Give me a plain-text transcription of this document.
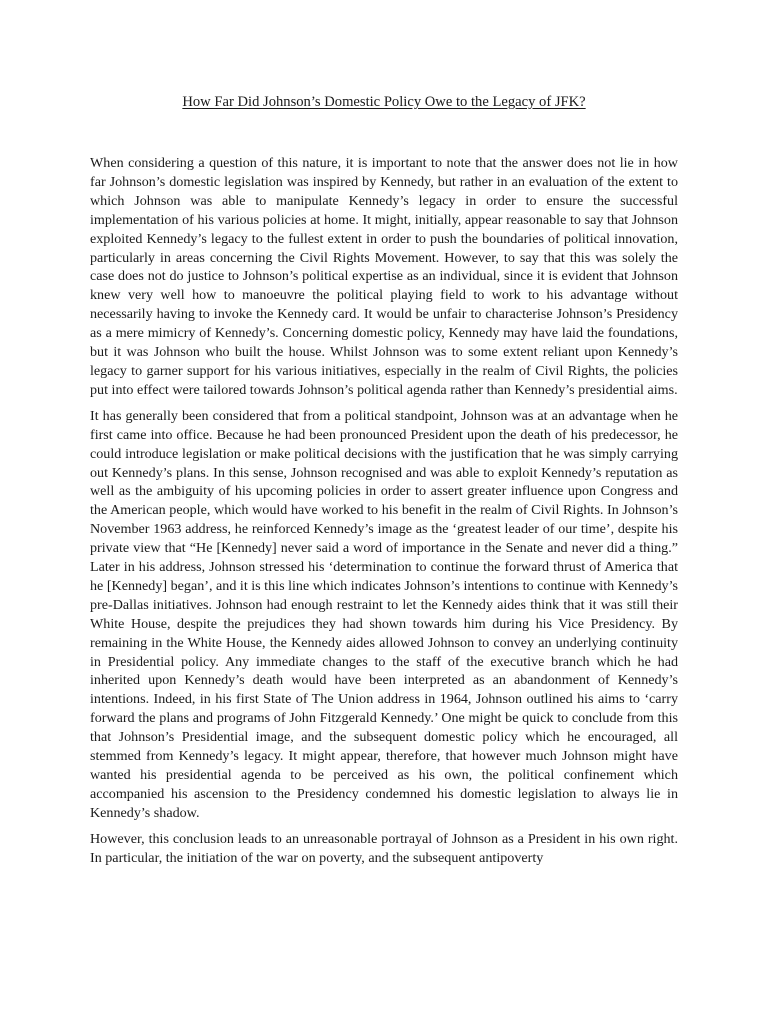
How Far Did Johnson’s Domestic Policy Owe to the Legacy of JFK?

When considering a question of this nature, it is important to note that the answer does not lie in how far Johnson’s domestic legislation was inspired by Kennedy, but rather in an evaluation of the extent to which Johnson was able to manipulate Kennedy’s legacy in order to ensure the successful implementation of his various policies at home. It might, initially, appear reasonable to say that Johnson exploited Kennedy’s legacy to the fullest extent in order to push the boundaries of political innovation, particularly in areas concerning the Civil Rights Movement. However, to say that this was solely the case does not do justice to Johnson’s political expertise as an individual, since it is evident that Johnson knew very well how to manoeuvre the political playing field to work to his advantage without necessarily having to invoke the Kennedy card. It would be unfair to characterise Johnson’s Presidency as a mere mimicry of Kennedy’s. Concerning domestic policy, Kennedy may have laid the foundations, but it was Johnson who built the house. Whilst Johnson was to some extent reliant upon Kennedy’s legacy to garner support for his various initiatives, especially in the realm of Civil Rights, the policies put into effect were tailored towards Johnson’s political agenda rather than Kennedy’s presidential aims.

It has generally been considered that from a political standpoint, Johnson was at an advantage when he first came into office. Because he had been pronounced President upon the death of his predecessor, he could introduce legislation or make political decisions with the justification that he was simply carrying out Kennedy’s plans. In this sense, Johnson recognised and was able to exploit Kennedy’s reputation as well as the ambiguity of his upcoming policies in order to assert greater influence upon Congress and the American people, which would have worked to his benefit in the realm of Civil Rights. In Johnson’s November 1963 address, he reinforced Kennedy’s image as the ‘greatest leader of our time’, despite his private view that “He [Kennedy] never said a word of importance in the Senate and never did a thing.” Later in his address, Johnson stressed his ‘determination to continue the forward thrust of America that he [Kennedy] began’, and it is this line which indicates Johnson’s intentions to continue with Kennedy’s pre-Dallas initiatives. Johnson had enough restraint to let the Kennedy aides think that it was still their White House, despite the prejudices they had shown towards him during his Vice Presidency. By remaining in the White House, the Kennedy aides allowed Johnson to convey an underlying continuity in Presidential policy. Any immediate changes to the staff of the executive branch which he had inherited upon Kennedy’s death would have been interpreted as an abandonment of Kennedy’s intentions. Indeed, in his first State of The Union address in 1964, Johnson outlined his aims to ‘carry forward the plans and programs of John Fitzgerald Kennedy.’ One might be quick to conclude from this that Johnson’s Presidential image, and the subsequent domestic policy which he encouraged, all stemmed from Kennedy’s legacy. It might appear, therefore, that however much Johnson might have wanted his presidential agenda to be perceived as his own, the political confinement which accompanied his ascension to the Presidency condemned his domestic legislation to always lie in Kennedy’s shadow.

However, this conclusion leads to an unreasonable portrayal of Johnson as a President in his own right. In particular, the initiation of the war on poverty, and the subsequent antipoverty
